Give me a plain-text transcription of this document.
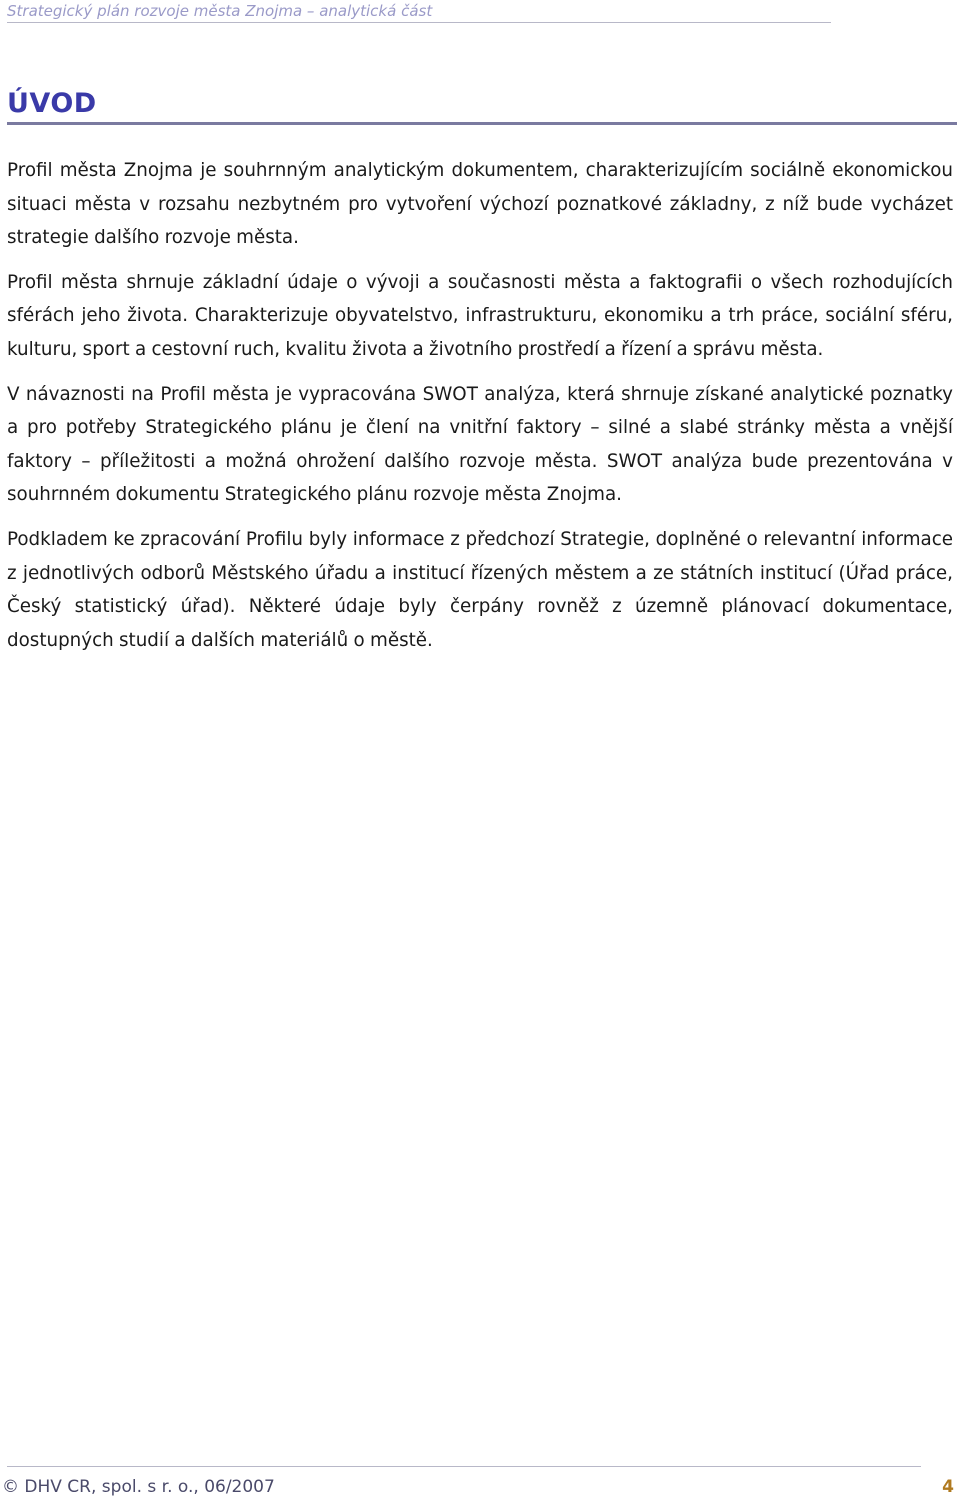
Strategický plán rozvoje města Znojma – analytická část
ÚVOD

Profil města Znojma je souhrnným analytickým dokumentem, charakterizujícím sociálně ekonomickou situaci města v rozsahu nezbytném pro vytvoření výchozí poznatkové základny, z níž bude vycházet strategie dalšího rozvoje města.

Profil města shrnuje základní údaje o vývoji a současnosti města a faktografii o všech rozhodujících sférách jeho života. Charakterizuje obyvatelstvo, infrastrukturu, ekonomiku a trh práce, sociální sféru, kulturu, sport a cestovní ruch, kvalitu života a životního prostředí a řízení a správu města.

V návaznosti na Profil města je vypracována SWOT analýza, která shrnuje získané analytické poznatky a pro potřeby Strategického plánu je člení na vnitřní faktory – silné a slabé stránky města a vnější faktory – příležitosti a možná ohrožení dalšího rozvoje města. SWOT analýza bude prezentována v souhrnném dokumentu Strategického plánu rozvoje města Znojma.

Podkladem ke zpracování Profilu byly informace z předchozí Strategie, doplněné o relevantní informace z jednotlivých odborů Městského úřadu a institucí řízených městem a ze státních institucí (Úřad práce, Český statistický úřad). Některé údaje byly čerpány rovněž z územně plánovací dokumentace, dostupných studií a dalších materiálů o městě.

© DHV CR, spol. s r. o., 06/2007	4
